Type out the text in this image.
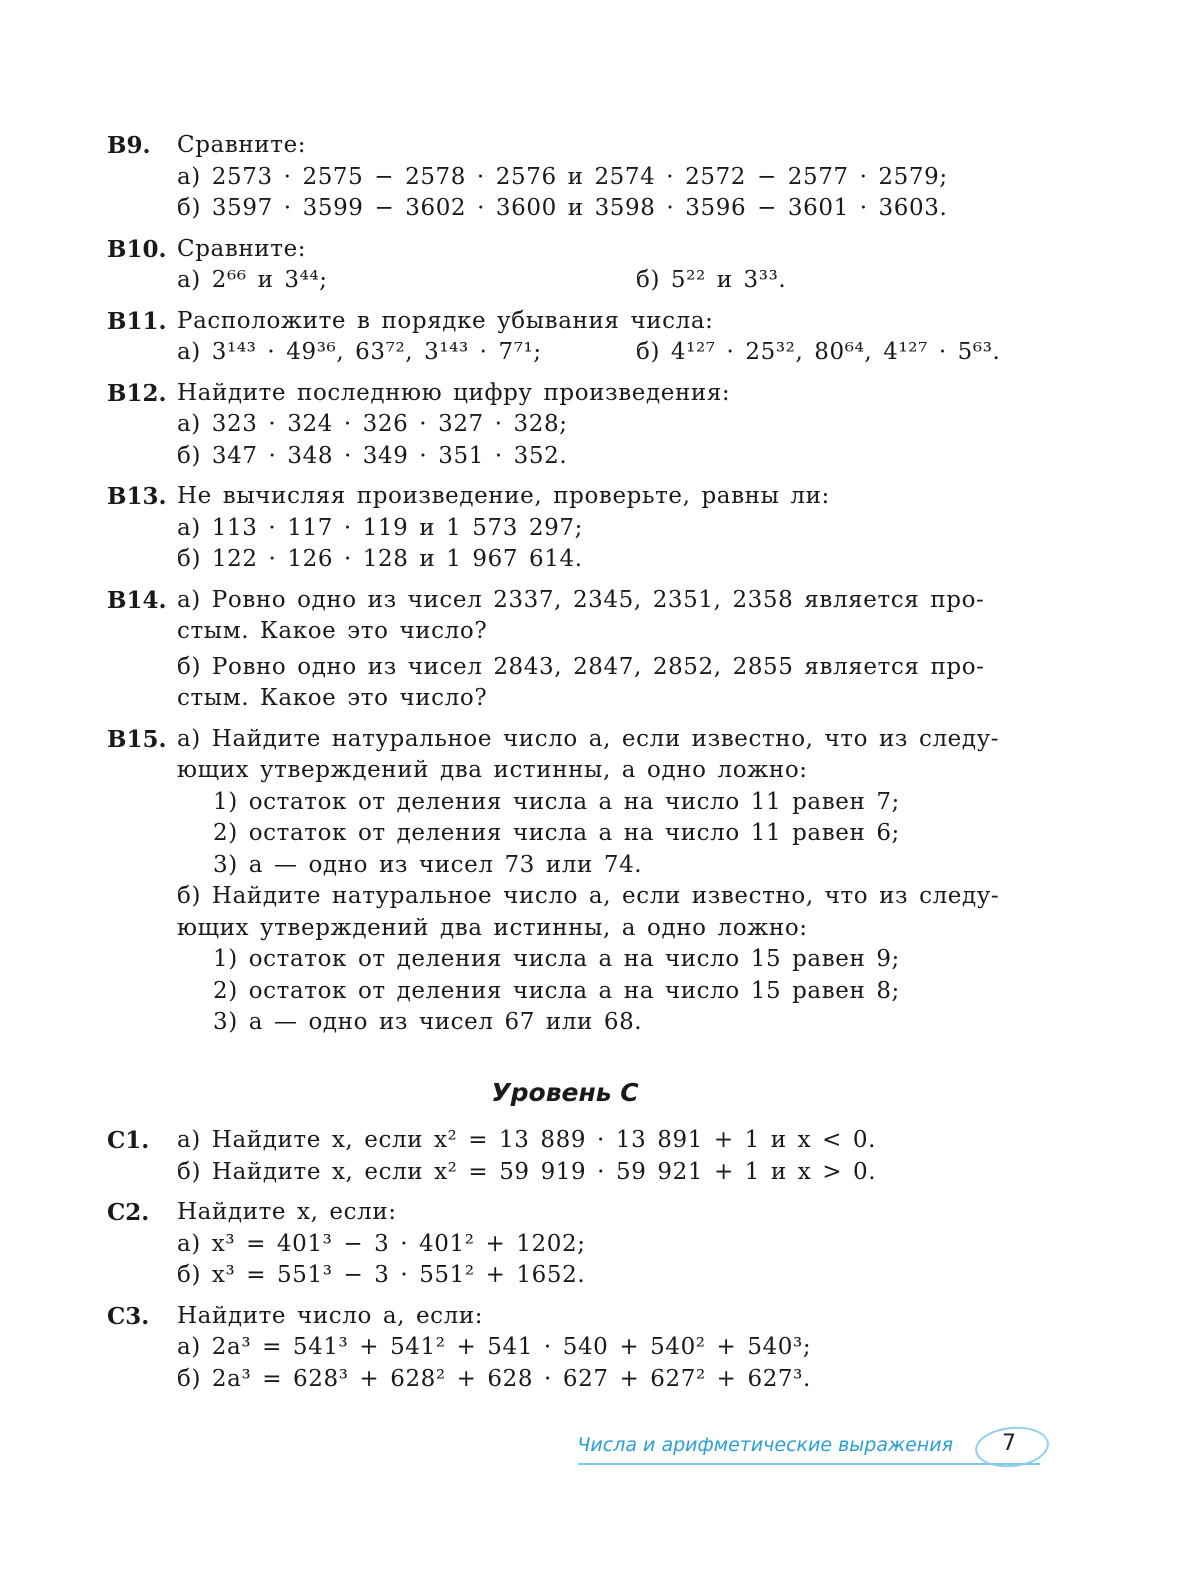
B9. Сравните:
а) 2573 · 2575 − 2578 · 2576 и 2574 · 2572 − 2577 · 2579;
б) 3597 · 3599 − 3602 · 3600 и 3598 · 3596 − 3601 · 3603.
B10. Сравните:
а) 2⁶⁶ и 3⁴⁴;	б) 5²² и 3³³.
B11. Расположите в порядке убывания числа:
а) 3¹⁴³ · 49³⁶, 63⁷², 3¹⁴³ · 7⁷¹;	б) 4¹²⁷ · 25³², 80⁶⁴, 4¹²⁷ · 5⁶³.
B12. Найдите последнюю цифру произведения:
а) 323 · 324 · 326 · 327 · 328;
б) 347 · 348 · 349 · 351 · 352.
B13. Не вычисляя произведение, проверьте, равны ли:
а) 113 · 117 · 119 и 1 573 297;
б) 122 · 126 · 128 и 1 967 614.
B14. а) Ровно одно из чисел 2337, 2345, 2351, 2358 является про-
стым. Какое это число?
б) Ровно одно из чисел 2843, 2847, 2852, 2855 является про-
стым. Какое это число?
B15. а) Найдите натуральное число a, если известно, что из следу-
ющих утверждений два истинны, а одно ложно:
1) остаток от деления числа a на число 11 равен 7;
2) остаток от деления числа a на число 11 равен 6;
3) a — одно из чисел 73 или 74.
б) Найдите натуральное число a, если известно, что из следу-
ющих утверждений два истинны, а одно ложно:
1) остаток от деления числа a на число 15 равен 9;
2) остаток от деления числа a на число 15 равен 8;
3) a — одно из чисел 67 или 68.
Уровень С
C1. а) Найдите x, если x² = 13 889 · 13 891 + 1 и x < 0.
б) Найдите x, если x² = 59 919 · 59 921 + 1 и x > 0.
C2. Найдите x, если:
а) x³ = 401³ − 3 · 401² + 1202;
б) x³ = 551³ − 3 · 551² + 1652.
C3. Найдите число a, если:
а) 2a³ = 541³ + 541² + 541 · 540 + 540² + 540³;
б) 2a³ = 628³ + 628² + 628 · 627 + 627² + 627³.
Числа и арифметические выражения 7
